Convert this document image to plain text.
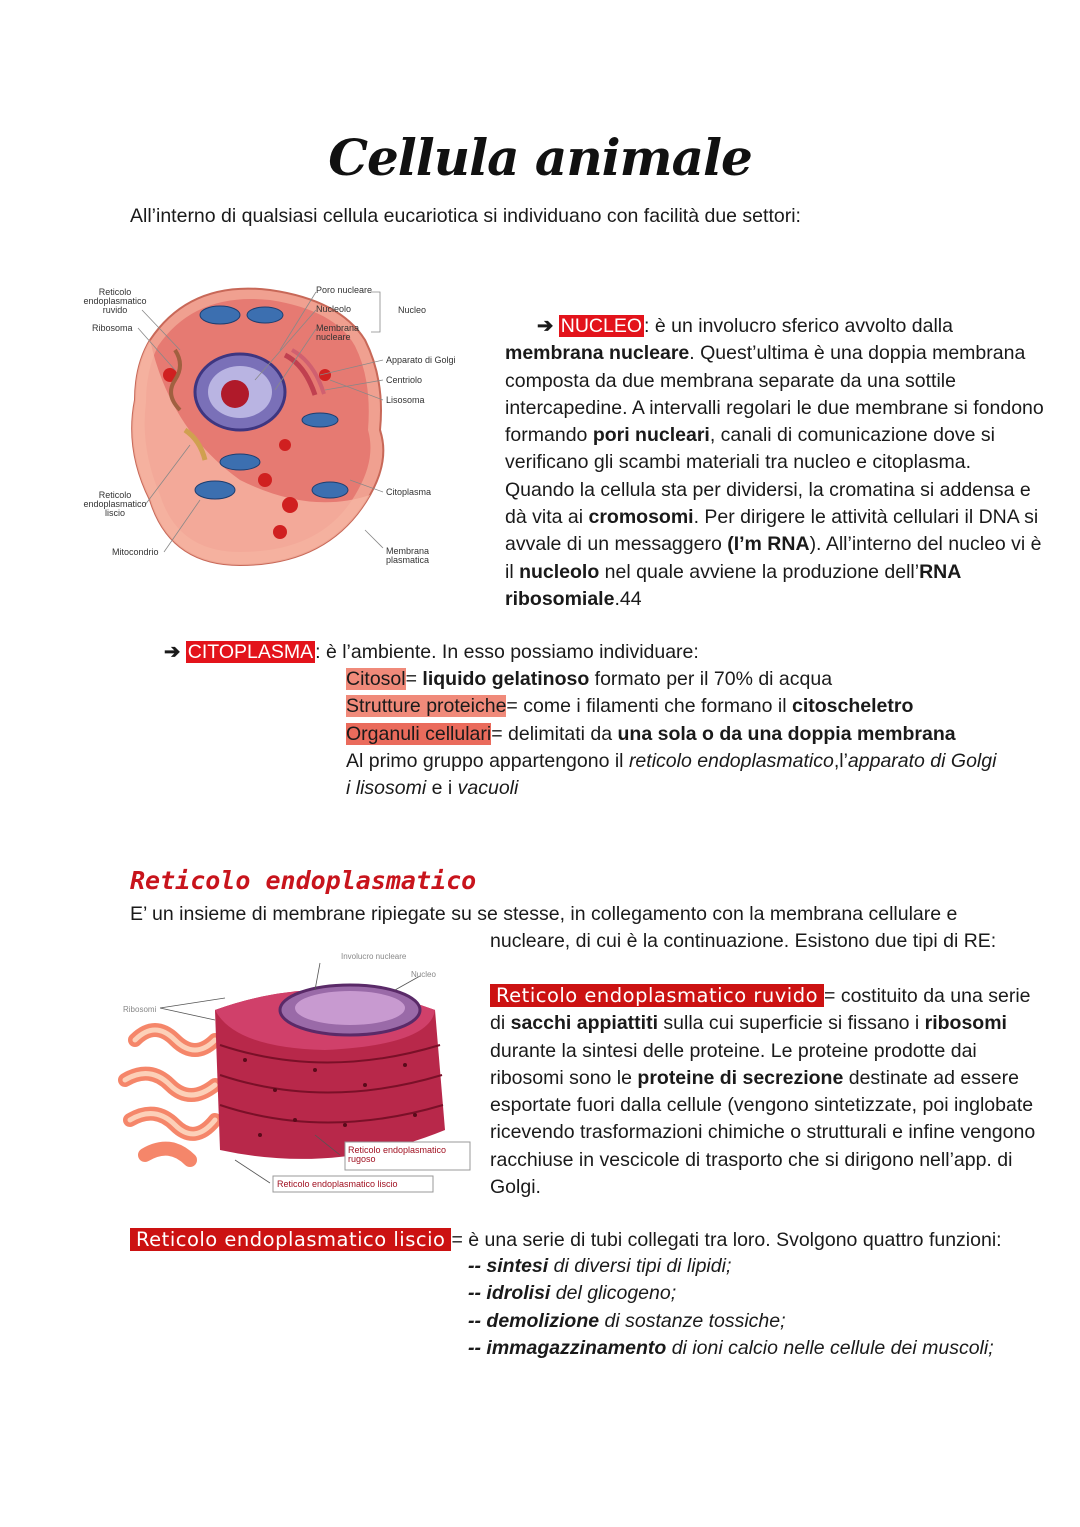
Cellula animale
All’interno di qualsiasi cellula eucariotica si individuano con facilità due settori:
Reticolo
endoplasmatico
ruvido
Ribosoma
Reticolo
endoplasmatico
liscio
Mitocondrio
Poro nucleare
Nucleolo
Membrana
nucleare
Nucleo
Apparato di Golgi
Centriolo
Lisosoma
Citoplasma
Membrana
plasmatica
➔ NUCLEO : è un involucro sferico avvolto dalla membrana nucleare. Quest’ultima è una doppia membrana composta da due membrana separate da una sottile intercapedine. A intervalli regolari le due membrane si fondono formando pori nucleari, canali di comunicazione dove si verificano gli scambi materiali tra nucleo e citoplasma. Quando la cellula sta per dividersi, la cromatina si addensa e dà vita ai cromosomi. Per dirigere le attività cellulari il DNA si avvale di un messaggero (I’m RNA). All’interno del nucleo vi è il nucleolo nel quale avviene la produzione dell’RNA ribosomiale.44
➔ CITOPLASMA : è l’ambiente. In esso possiamo individuare:
Citosol= liquido gelatinoso formato per il 70% di acqua
Strutture proteiche= come i filamenti che formano il citoscheletro
Organuli cellulari= delimitati da una sola o da una doppia membrana
Al primo gruppo appartengono il reticolo endoplasmatico,l’apparato di Golgi
i lisosomi e i vacuoli
Reticolo endoplasmatico
E’ un insieme di membrane ripiegate su se stesse, in collegamento con la membrana cellulare e
nucleare, di cui è la continuazione. Esistono due tipi di RE:
Involucro nucleare
Nucleo
Ribosomi
Reticolo endoplasmatico
rugoso
Reticolo endoplasmatico liscio
Reticolo endoplasmatico ruvido = costituito da una serie di sacchi appiattiti sulla cui superficie si fissano i ribosomi durante la sintesi delle proteine. Le proteine prodotte dai ribosomi sono le proteine di secrezione destinate ad essere esportate fuori dalla cellule (vengono sintetizzate, poi inglobate ricevendo trasformazioni chimiche o strutturali e infine vengono racchiuse in vescicole di trasporto che si dirigono nell’app. di Golgi.
Reticolo endoplasmatico liscio = è una serie di tubi collegati tra loro. Svolgono quattro funzioni:
-- sintesi di diversi tipi di lipidi;
-- idrolisi del glicogeno;
-- demolizione di sostanze tossiche;
-- immagazzinamento di ioni calcio nelle cellule dei muscoli;
